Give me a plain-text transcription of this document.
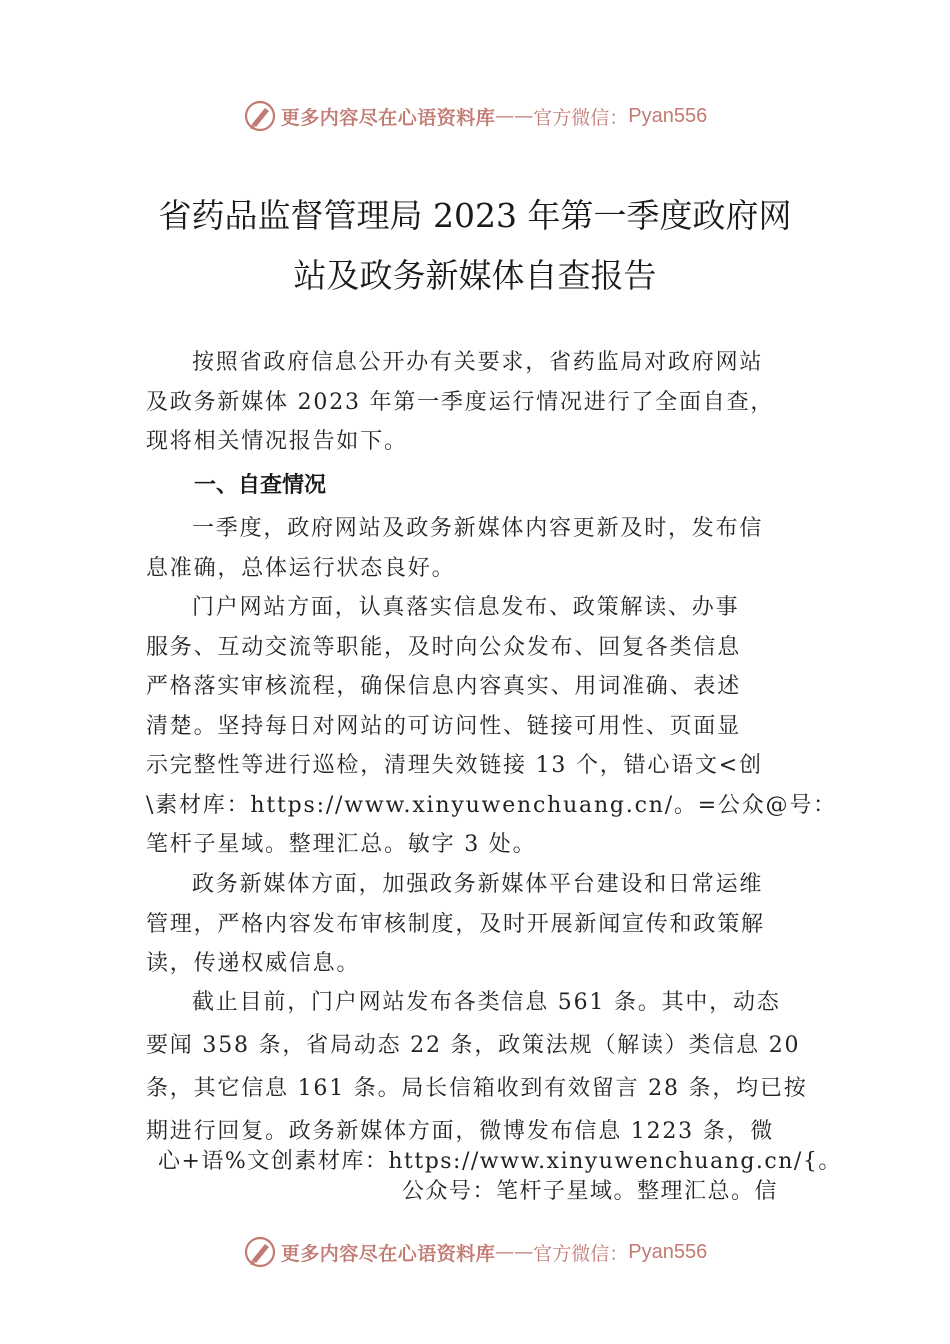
更多内容尽在心语资料库 —— 官方微信： Pyan556
省药品监督管理局 2023 年第一季度政府网
站及政务新媒体自查报告
按照省政府信息公开办有关要求，省药监局对政府网站
及政务新媒体 2023 年第一季度运行情况进行了全面自查，
现将相关情况报告如下。
一、自查情况
一季度，政府网站及政务新媒体内容更新及时，发布信
息准确，总体运行状态良好。
门户网站方面，认真落实信息发布、政策解读、办事
服务、互动交流等职能，及时向公众发布、回复各类信息
严格落实审核流程，确保信息内容真实、用词准确、表述
清楚。坚持每日对网站的可访问性、链接可用性、页面显
示完整性等进行巡检，清理失效链接 13 个，错心语文<创
\素材库：https://www.xinyuwenchuang.cn/。=公众@号：
笔杆子星域。整理汇总。敏字 3 处。
政务新媒体方面，加强政务新媒体平台建设和日常运维
管理，严格内容发布审核制度，及时开展新闻宣传和政策解
读，传递权威信息。
截止目前，门户网站发布各类信息 561 条。其中，动态
要闻 358 条，省局动态 22 条，政策法规（解读）类信息 20
条，其它信息 161 条。局长信箱收到有效留言 28 条，均已按
期进行回复。政务新媒体方面，微博发布信息 1223 条，微
心+语%文创素材库：https://www.xinyuwenchuang.cn/{。
公众号：笔杆子星域。整理汇总。信
更多内容尽在心语资料库 —— 官方微信： Pyan556
